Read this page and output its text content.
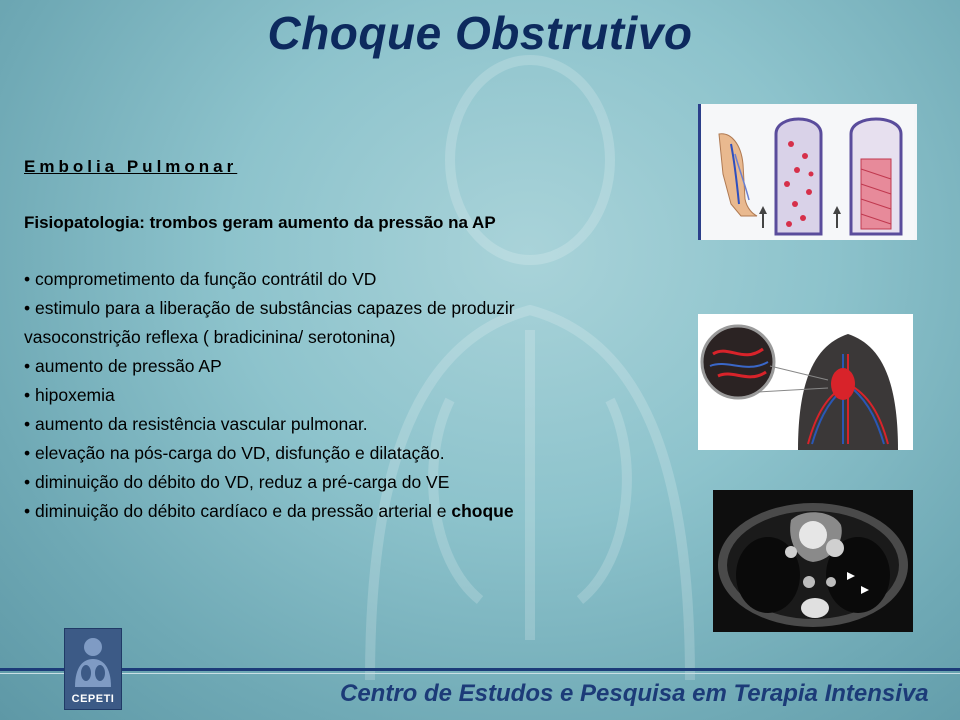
Choque Obstrutivo
Embolia Pulmonar
Fisiopatologia: trombos geram aumento da pressão na AP
• comprometimento da função contrátil do VD
• estimulo para a liberação de substâncias capazes de produzir
vasoconstrição reflexa ( bradicinina/ serotonina)
• aumento de pressão AP
• hipoxemia
• aumento da resistência vascular pulmonar.
• elevação na pós-carga do VD, disfunção e dilatação.
• diminuição do débito do VD, reduz a pré-carga do VE
• diminuição do débito cardíaco e da pressão arterial e choque
CEPETI	Centro de Estudos e Pesquisa em Terapia Intensiva
